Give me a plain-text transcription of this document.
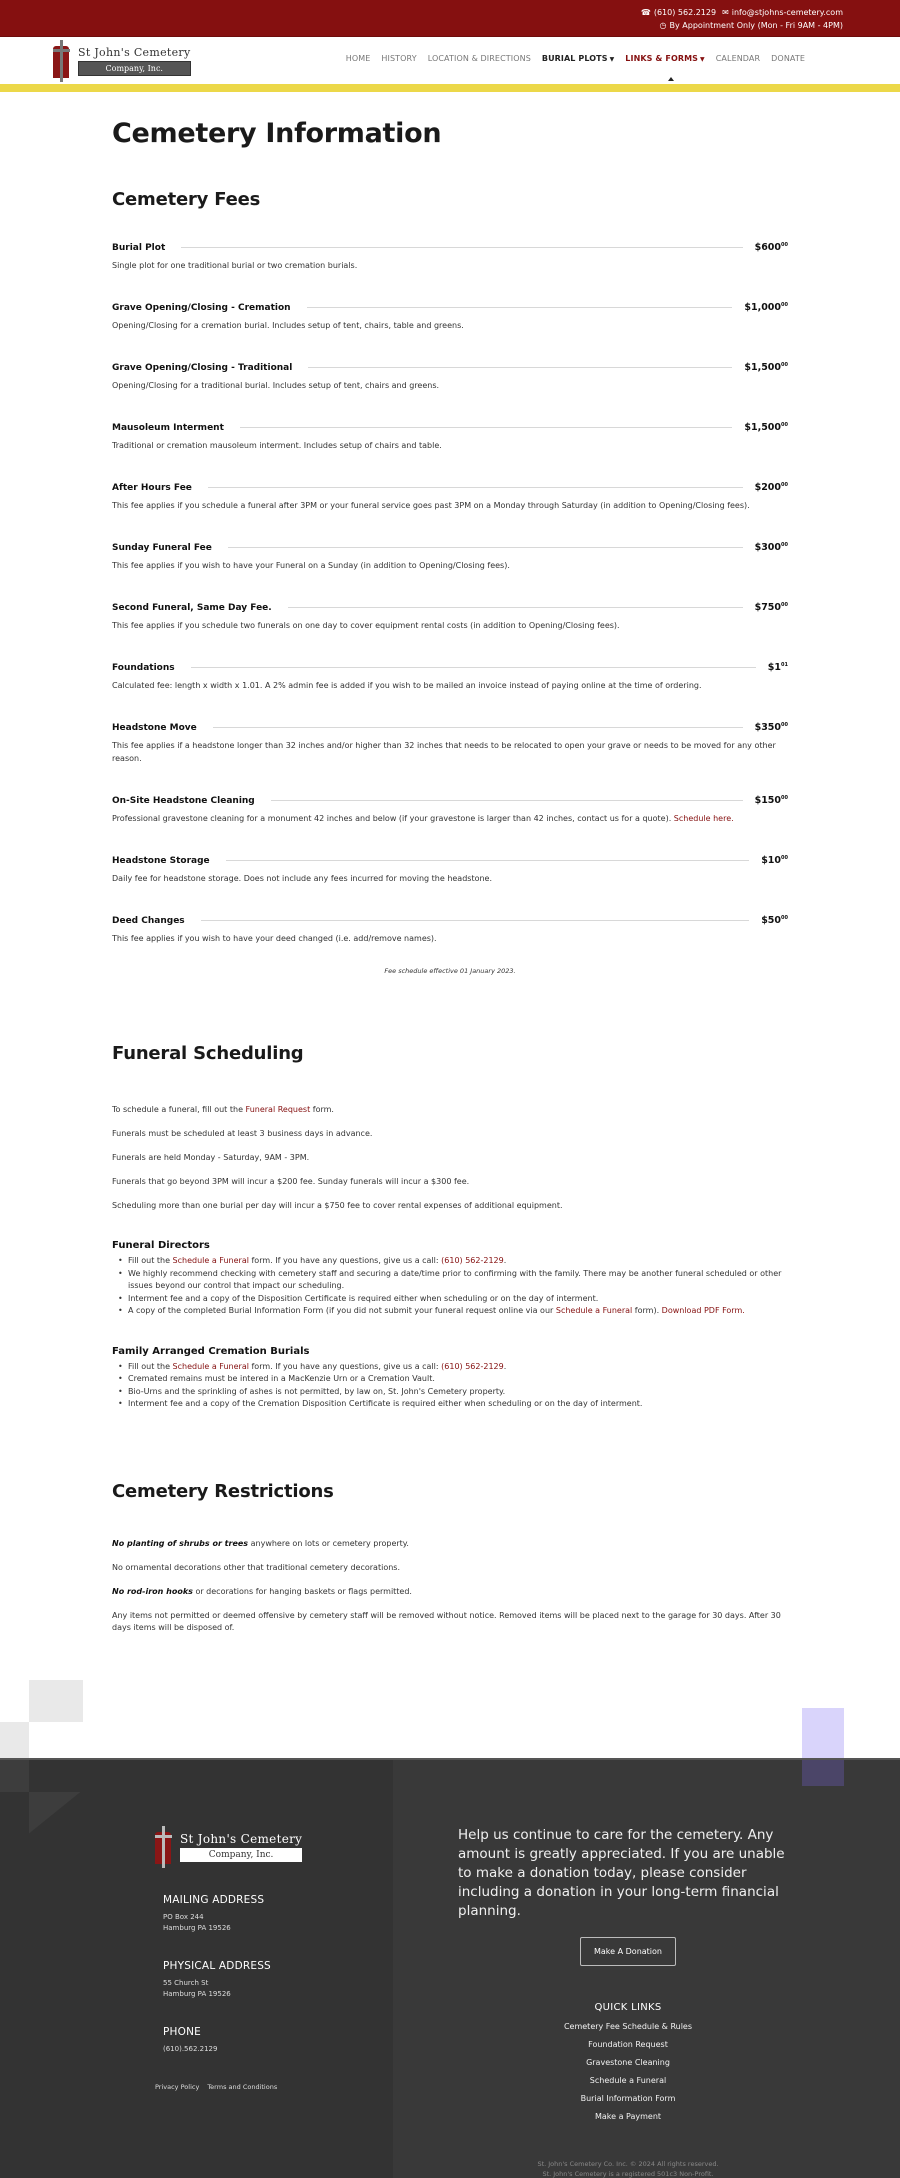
☎ (610) 562.2129 ✉ info@stjohns-cemetery.com
◷ By Appointment Only (Mon - Fri 9AM - 4PM)
St John's Cemetery
Company, Inc.
HOME HISTORY LOCATION & DIRECTIONS BURIAL PLOTS ▼ LINKS & FORMS ▼ CALENDAR DONATE
Cemetery Information
Cemetery Fees
Burial Plot	$\$600^{00}$

Single plot for one traditional burial or two cremation burials.

Grave Opening/Closing - Cremation	$1,000$^{00}$

Opening/Closing for a cremation burial. Includes setup of tent, chairs, table and greens.

Grave Opening/Closing - Traditional	$1,500$^{00}$

Opening/Closing for a traditional burial. Includes setup of tent, chairs and greens.

Mausoleum Interment	$1,500$^{00}$

Traditional or cremation mausoleum interment. Includes setup of chairs and table.

After Hours Fee	$\$200^{00}$

This fee applies if you schedule a funeral after 3PM or your funeral service goes past 3PM on a Monday through Saturday (in addition to Opening/Closing fees).

Sunday Funeral Fee	$\$300^{00}$

This fee applies if you wish to have your Funeral on a Sunday (in addition to Opening/Closing fees).

Second Funeral, Same Day Fee.	$\$750^{00}$

This fee applies if you schedule two funerals on one day to cover equipment rental costs (in addition to Opening/Closing fees).

Foundations	$\$1^{01}$

Calculated fee: length x width x 1.01. A 2% admin fee is added if you wish to be mailed an invoice instead of paying online at the time of ordering.

Headstone Move	$\$350^{00}$

This fee applies if a headstone longer than 32 inches and/or higher than 32 inches that needs to be relocated to open your grave or needs to be moved for any other reason.

On-Site Headstone Cleaning	$\$150^{00}$

Professional gravestone cleaning for a monument 42 inches and below (if your gravestone is larger than 42 inches, contact us for a quote). Schedule here.

Headstone Storage	$\$10^{00}$

Daily fee for headstone storage. Does not include any fees incurred for moving the headstone.

Deed Changes	$\$50^{00}$

This fee applies if you wish to have your deed changed (i.e. add/remove names).

Fee schedule effective 01 January 2023.

Funeral Scheduling

To schedule a funeral, fill out the Funeral Request form.

Funerals must be scheduled at least 3 business days in advance.

Funerals are held Monday - Saturday, 9AM - 3PM.

Funerals that go beyond 3PM will incur a $200 fee. Sunday funerals will incur a $300 fee.

Scheduling more than one burial per day will incur a $750 fee to cover rental expenses of additional equipment.

Funeral Directors
• Fill out the Schedule a Funeral form. If you have any questions, give us a call: (610) 562-2129.
• We highly recommend checking with cemetery staff and securing a date/time prior to confirming with the family. There may be another funeral scheduled or other issues beyond our control that impact our scheduling.
• Interment fee and a copy of the Disposition Certificate is required either when scheduling or on the day of interment.
• A copy of the completed Burial Information Form (if you did not submit your funeral request online via our Schedule a Funeral form). Download PDF Form.
Family Arranged Cremation Burials
• Fill out the Schedule a Funeral form. If you have any questions, give us a call: (610) 562-2129.
• Cremated remains must be intered in a MacKenzie Urn or a Cremation Vault.
• Bio-Urns and the sprinkling of ashes is not permitted, by law on, St. John's Cemetery property.
• Interment fee and a copy of the Cremation Disposition Certificate is required either when scheduling or on the day of interment.
Cemetery Restrictions

No planting of shrubs or trees anywhere on lots or cemetery property.

No ornamental decorations other that traditional cemetery decorations.

No rod-iron hooks or decorations for hanging baskets or flags permitted.

Any items not permitted or deemed offensive by cemetery staff will be removed without notice. Removed items will be placed next to the garage for 30 days. After 30 days items will be disposed of.

St John's Cemetery
Company, Inc.
MAILING ADDRESS

PO Box 244

Hamburg PA 19526

PHYSICAL ADDRESS

55 Church St

Hamburg PA 19526

PHONE

(610).562.2129

Privacy Policy Terms and Conditions

Help us continue to care for the cemetery. Any amount is greatly appreciated. If you are unable to make a donation today, please consider including a donation in your long-term financial planning.

Make A Donation
QUICK LINKS
Cemetery Fee Schedule & Rules
Foundation Request
Gravestone Cleaning
Schedule a Funeral
Burial Information Form
Make a Payment
St. John's Cemetery Co. Inc. © 2024 All rights reserved.
St. John's Cemetery is a registered 501c3 Non-Profit.
